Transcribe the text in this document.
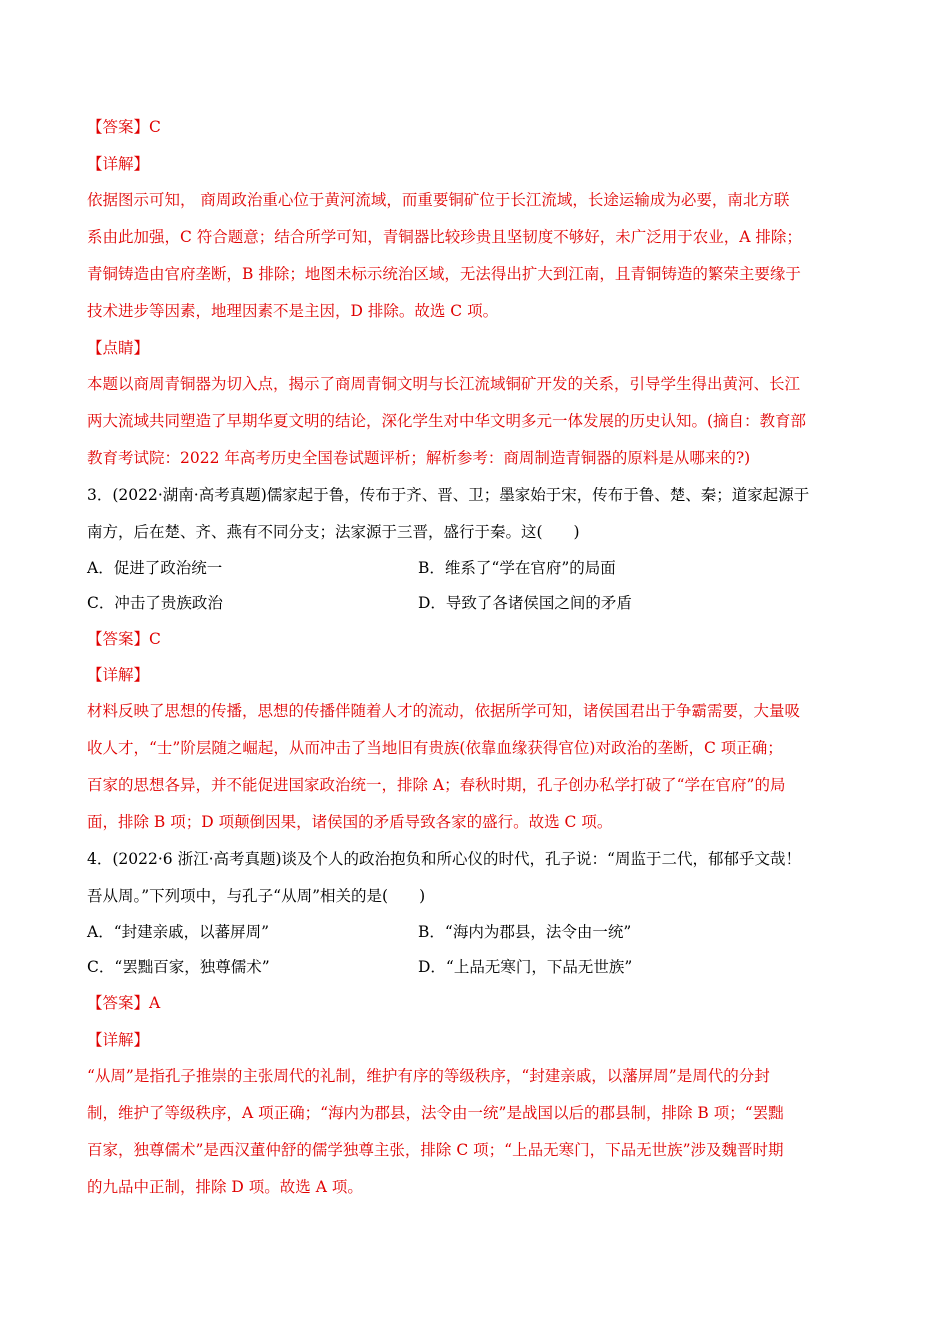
【答案】C
【详解】
依据图示可知， 商周政治重心位于黄河流域，而重要铜矿位于长江流域，长途运输成为必要，南北方联
系由此加强，C 符合题意；结合所学可知，青铜器比较珍贵且坚韧度不够好，未广泛用于农业，A 排除；
青铜铸造由官府垄断，B 排除；地图未标示统治区域，无法得出扩大到江南，且青铜铸造的繁荣主要缘于
技术进步等因素，地理因素不是主因，D 排除。故选 C 项。
【点睛】
本题以商周青铜器为切入点，揭示了商周青铜文明与长江流域铜矿开发的关系，引导学生得出黄河、长江
两大流域共同塑造了早期华夏文明的结论，深化学生对中华文明多元一体发展的历史认知。(摘自：教育部
教育考试院：2022 年高考历史全国卷试题评析；解析参考：商周制造青铜器的原料是从哪来的?)
3．(2022·湖南·高考真题)儒家起于鲁，传布于齐、晋、卫；墨家始于宋，传布于鲁、楚、秦；道家起源于
南方，后在楚、齐、燕有不同分支；法家源于三晋，盛行于秦。这(　　)
A．促进了政治统一	B．维系了“学在官府”的局面
C．冲击了贵族政治	D．导致了各诸侯国之间的矛盾
【答案】C
【详解】
材料反映了思想的传播，思想的传播伴随着人才的流动，依据所学可知，诸侯国君出于争霸需要，大量吸
收人才，“士”阶层随之崛起，从而冲击了当地旧有贵族(依靠血缘获得官位)对政治的垄断，C 项正确；
百家的思想各异，并不能促进国家政治统一，排除 A；春秋时期，孔子创办私学打破了“学在官府”的局
面，排除 B 项；D 项颠倒因果，诸侯国的矛盾导致各家的盛行。故选 C 项。
4．(2022·6 浙江·高考真题)谈及个人的政治抱负和所心仪的时代，孔子说：“周监于二代，郁郁乎文哉！
吾从周。”下列项中，与孔子“从周”相关的是(　　)
A．“封建亲戚，以蕃屏周”	B．“海内为郡县，法令由一统”
C．“罢黜百家，独尊儒术”	D．“上品无寒门，下品无世族”
【答案】A
【详解】
“从周”是指孔子推崇的主张周代的礼制，维护有序的等级秩序，“封建亲戚，以藩屏周”是周代的分封
制，维护了等级秩序，A 项正确；“海内为郡县，法令由一统”是战国以后的郡县制，排除 B 项；“罢黜
百家，独尊儒术”是西汉董仲舒的儒学独尊主张，排除 C 项；“上品无寒门，下品无世族”涉及魏晋时期
的九品中正制，排除 D 项。故选 A 项。
